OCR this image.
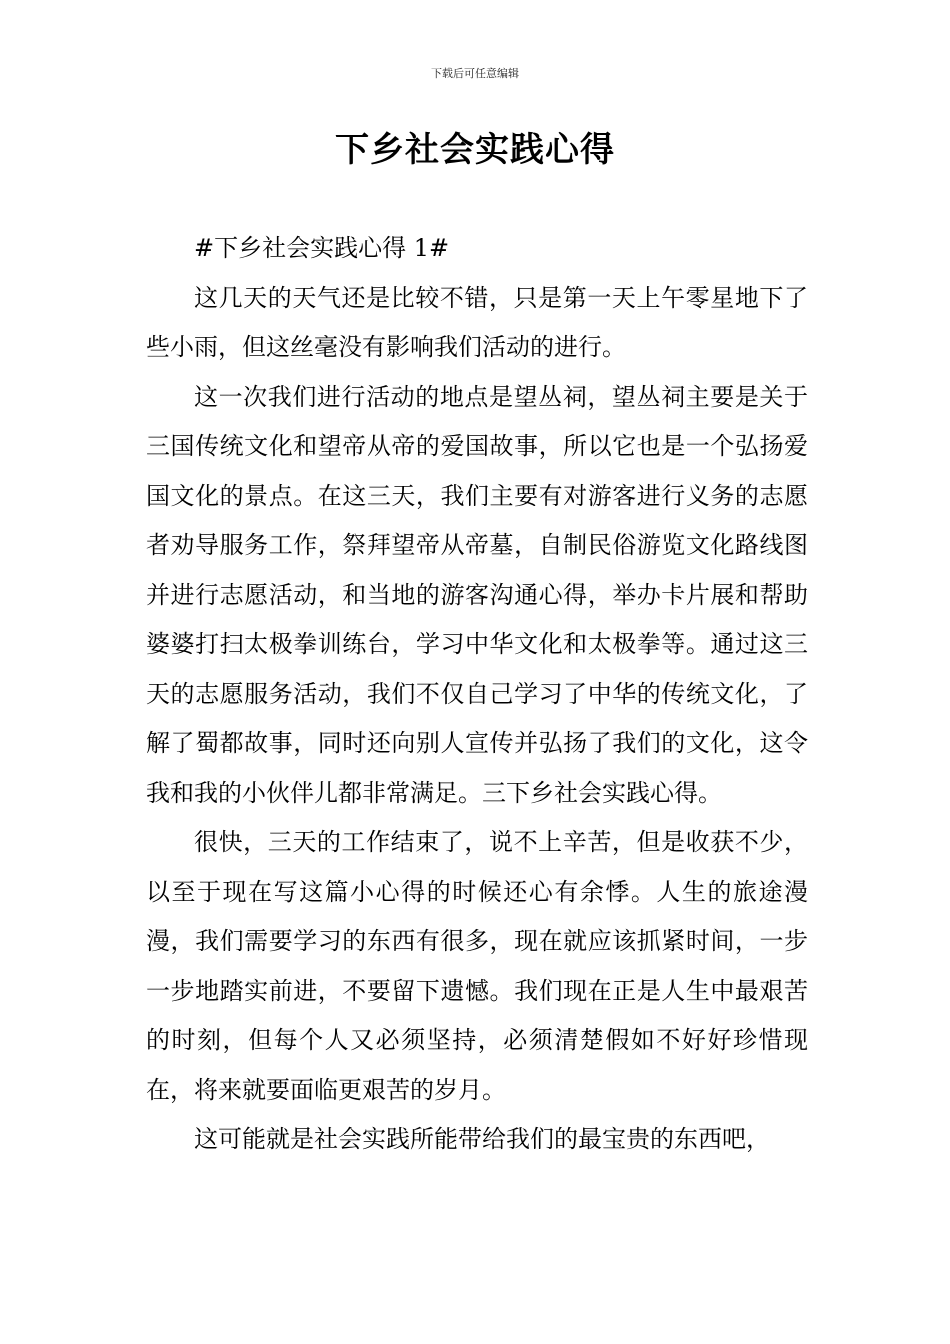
下载后可任意编辑
下乡社会实践心得

#下乡社会实践心得 1#

这几天的天气还是比较不错，只是第一天上午零星地下了些小雨，但这丝毫没有影响我们活动的进行。

这一次我们进行活动的地点是望丛祠，望丛祠主要是关于三国传统文化和望帝从帝的爱国故事，所以它也是一个弘扬爱国文化的景点。在这三天，我们主要有对游客进行义务的志愿者劝导服务工作，祭拜望帝从帝墓，自制民俗游览文化路线图并进行志愿活动，和当地的游客沟通心得，举办卡片展和帮助婆婆打扫太极拳训练台，学习中华文化和太极拳等。通过这三天的志愿服务活动，我们不仅自己学习了中华的传统文化，了解了蜀都故事，同时还向别人宣传并弘扬了我们的文化，这令我和我的小伙伴儿都非常满足。三下乡社会实践心得。

很快，三天的工作结束了，说不上辛苦，但是收获不少，以至于现在写这篇小心得的时候还心有余悸。人生的旅途漫漫，我们需要学习的东西有很多，现在就应该抓紧时间，一步一步地踏实前进，不要留下遗憾。我们现在正是人生中最艰苦的时刻，但每个人又必须坚持，必须清楚假如不好好珍惜现在，将来就要面临更艰苦的岁月。

这可能就是社会实践所能带给我们的最宝贵的东西吧，
